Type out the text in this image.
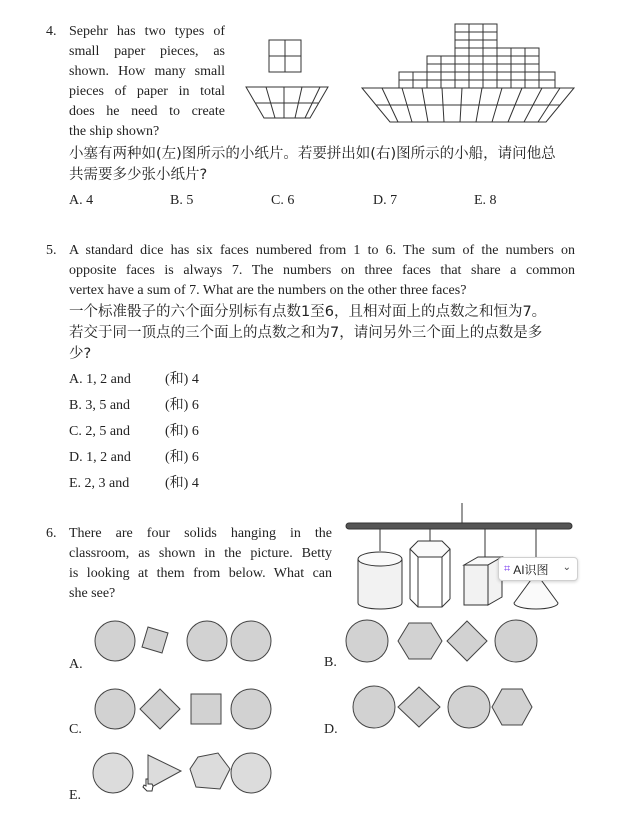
4. Sepehr has two types of
small paper pieces, as
shown. How many small
pieces of paper in total
does he need to create
the ship shown?
小塞有两种如(左)图所示的小纸片。若要拼出如(右)图所示的小船，请问他总
共需要多少张小纸片?
A. 4	B. 5	C. 6	D. 7	E. 8
5. A standard dice has six faces numbered from 1 to 6. The sum of the numbers on
opposite faces is always 7. The numbers on three faces that share a common
vertex have a sum of 7. What are the numbers on the other three faces?
一个标准骰子的六个面分别标有点数1至6，且相对面上的点数之和恒为7。
若交于同一顶点的三个面上的点数之和为7，请问另外三个面上的点数是多
少?
A. 1, 2 and (和) 4
B. 3, 5 and (和) 6
C. 2, 5 and (和) 6
D. 1, 2 and (和) 6
E. 2, 3 and	(和) 4
6. There are four solids hanging in the
classroom, as shown in the picture. Betty
is looking at them from below. What can
she see?
A.	B.
C.	D.
E.
⌗ AI识图 ⌄
